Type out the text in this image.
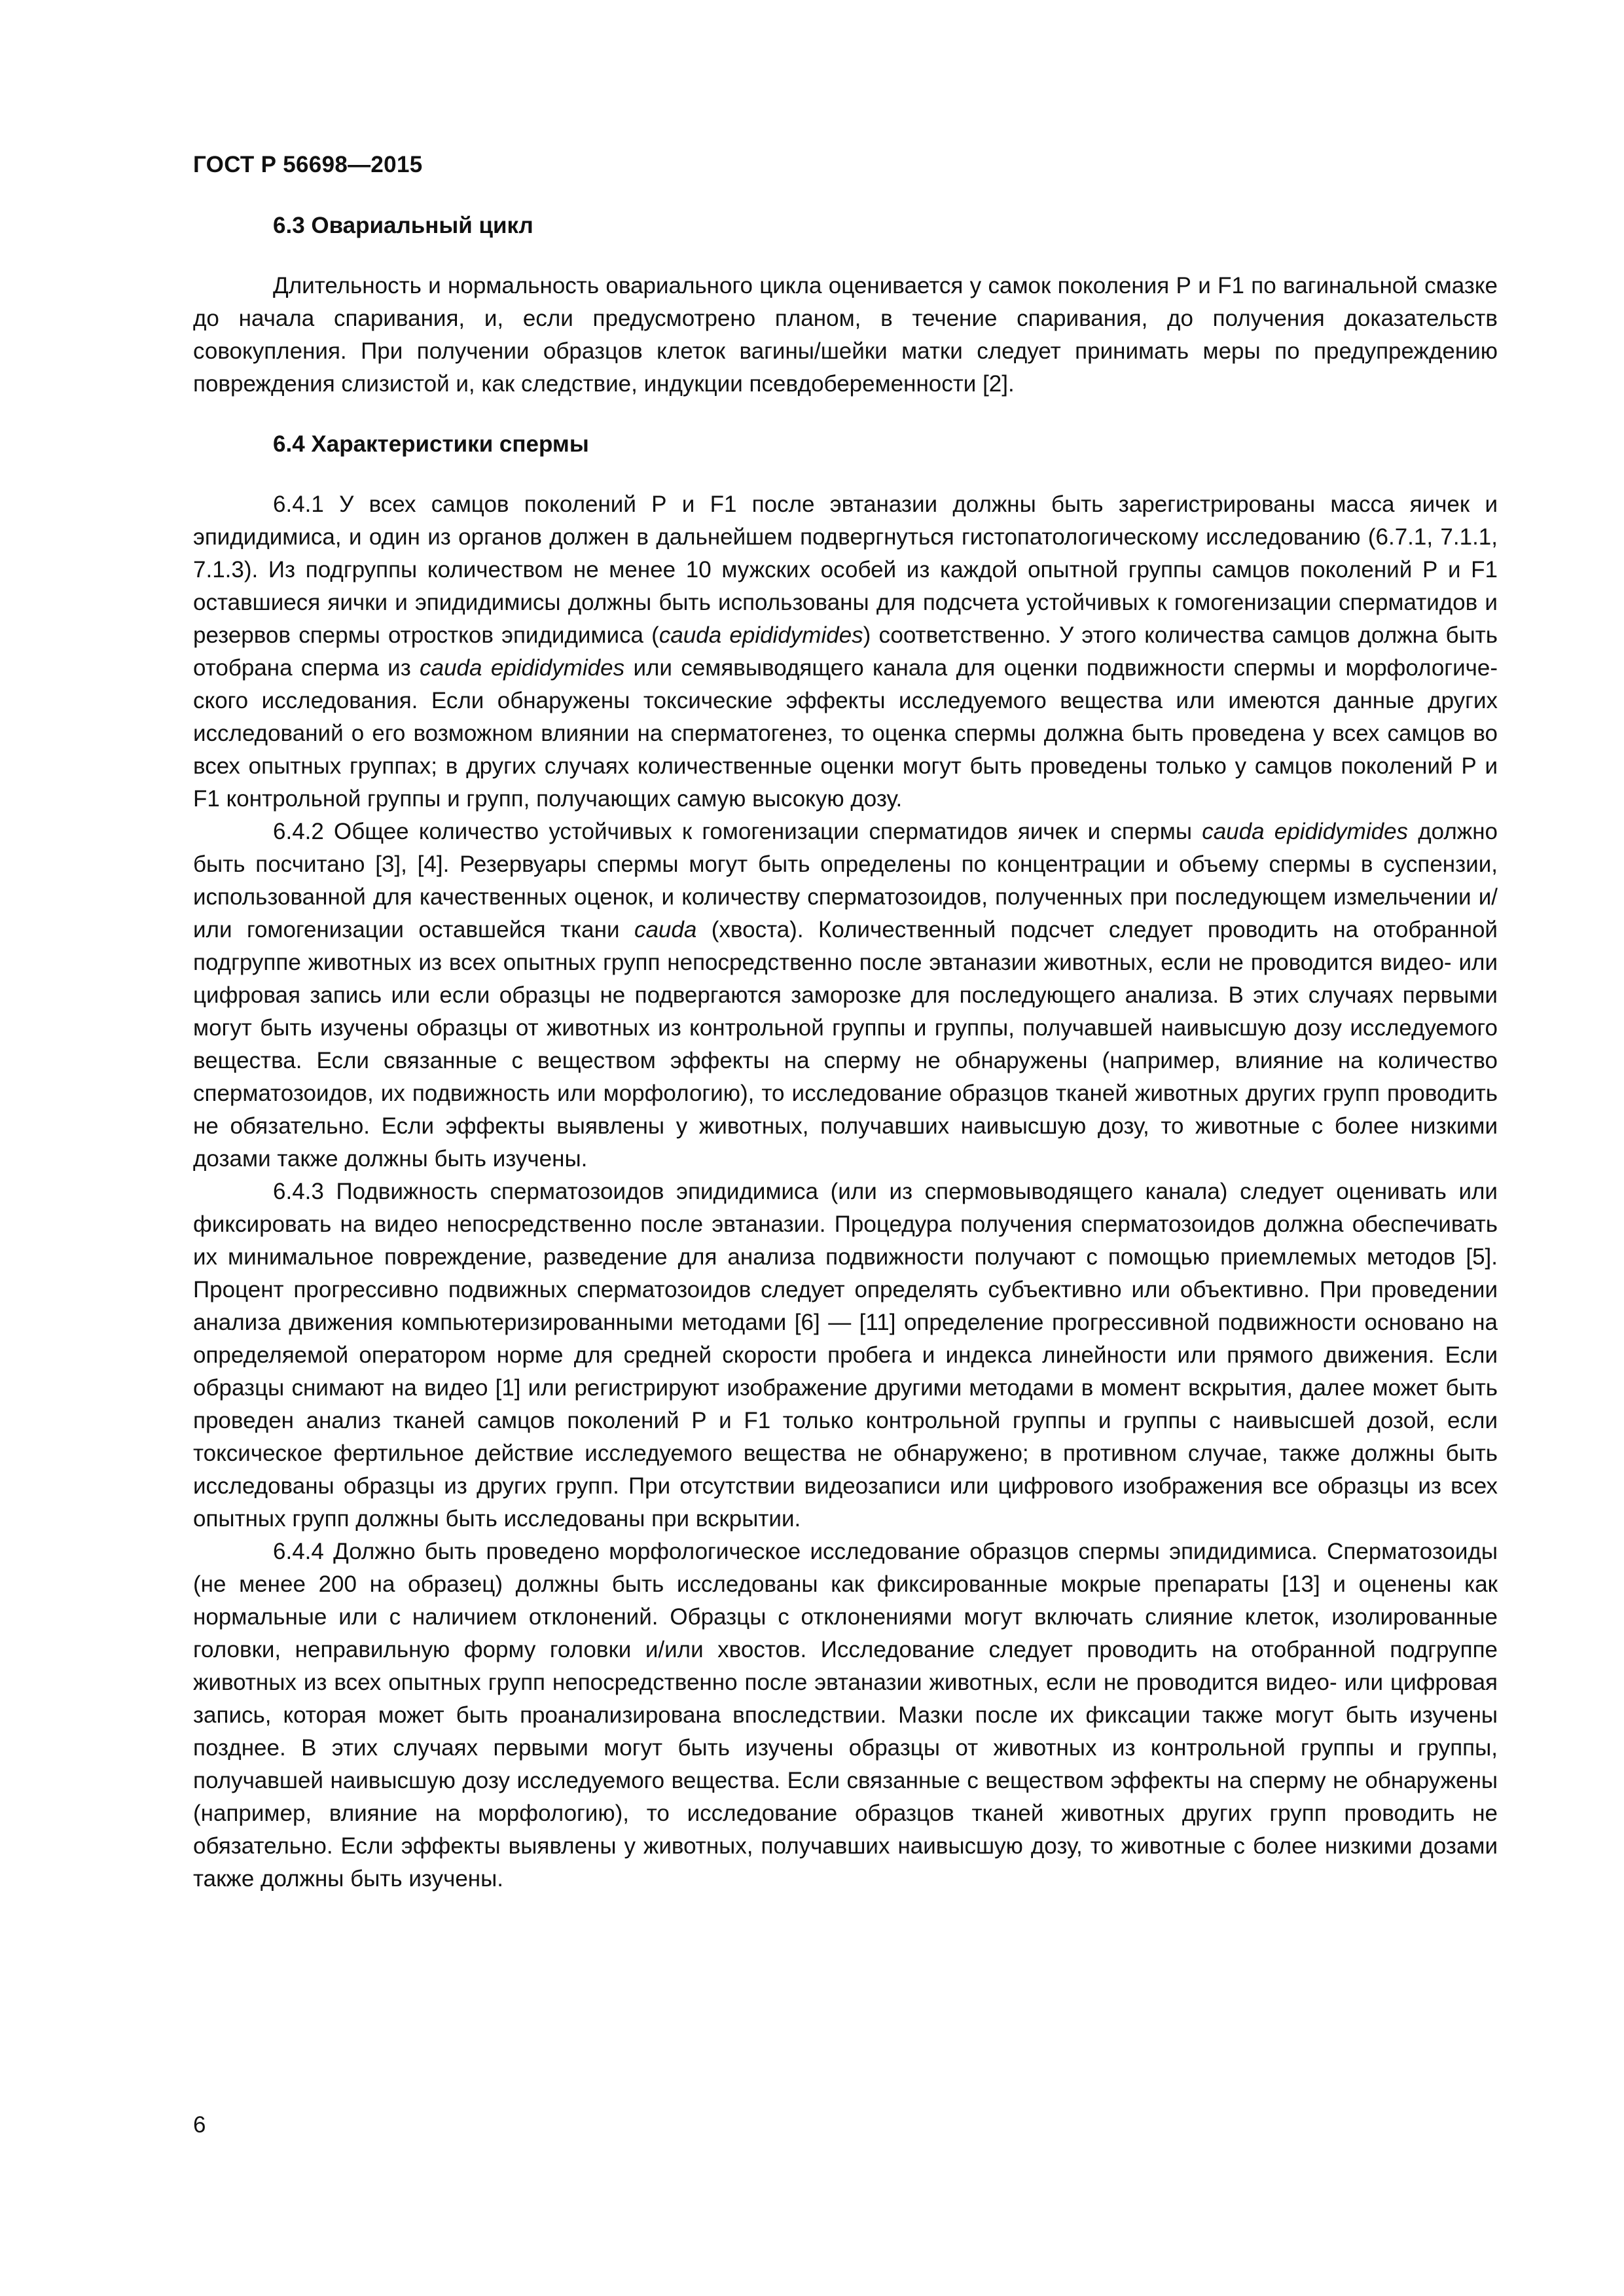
ГОСТ Р 56698—2015
6.3 Овариальный цикл

Длительность и нормальность овариального цикла оценивается у самок поколения Р и F1 по вагинальной смазке до начала спаривания, и, если предусмотрено планом, в течение спаривания, до получения доказательств совокупления. При получении образцов клеток вагины/шейки матки следует принимать меры по предупреждению повреждения слизистой и, как следствие, индукции псевдобеременности [2].

6.4 Характеристики спермы

6.4.1 У всех самцов поколений Р и F1 после эвтаназии должны быть зарегистрированы масса яичек и эпидидимиса, и один из органов должен в дальнейшем подвергнуться гистопатологическому исследованию (6.7.1, 7.1.1, 7.1.3). Из подгруппы количеством не менее 10 мужских особей из каждой опытной группы самцов поколений Р и F1 оставшиеся яички и эпидидимисы должны быть использованы для подсчета устойчивых к гомогенизации сперматидов и резервов спермы отростков эпидидимиса (cauda epididymides) соответственно. У этого количества самцов должна быть отобрана сперма из cauda epididymides или семявыводящего канала для оценки подвижности спермы и морфологического исследования. Если обнаружены токсические эффекты исследуемого вещества или имеются данные других исследований о его возможном влиянии на сперматогенез, то оценка спермы должна быть проведена у всех самцов во всех опытных группах; в других случаях количественные оценки могут быть проведены только у самцов поколений Р и F1 контрольной группы и групп, получающих самую высокую дозу.

6.4.2 Общее количество устойчивых к гомогенизации сперматидов яичек и спермы cauda epididymides должно быть посчитано [3], [4]. Резервуары спермы могут быть определены по концентрации и объему спермы в суспензии, использованной для качественных оценок, и количеству сперматозоидов, полученных при последующем измельчении и/или гомогенизации оставшейся ткани cauda (хвоста). Количественный подсчет следует проводить на отобранной подгруппе животных из всех опытных групп непосредственно после эвтаназии животных, если не проводится видео- или цифровая запись или если образцы не подвергаются заморозке для последующего анализа. В этих случаях первыми могут быть изучены образцы от животных из контрольной группы и группы, получавшей наивысшую дозу исследуемого вещества. Если связанные с веществом эффекты на сперму не обнаружены (например, влияние на количество сперматозоидов, их подвижность или морфологию), то исследование образцов тканей животных других групп проводить не обязательно. Если эффекты выявлены у животных, получавших наивысшую дозу, то животные с более низкими дозами также должны быть изучены.

6.4.3 Подвижность сперматозоидов эпидидимиса (или из спермовыводящего канала) следует оценивать или фиксировать на видео непосредственно после эвтаназии. Процедура получения сперматозоидов должна обеспечивать их минимальное повреждение, разведение для анализа подвижности получают с помощью приемлемых методов [5]. Процент прогрессивно подвижных сперматозоидов следует определять субъективно или объективно. При проведении анализа движения компьютеризированными методами [6] — [11] определение прогрессивной подвижности основано на определяемой оператором норме для средней скорости пробега и индекса линейности или прямого движения. Если образцы снимают на видео [1] или регистрируют изображение другими методами в момент вскрытия, далее может быть проведен анализ тканей самцов поколений Р и F1 только контрольной группы и группы с наивысшей дозой, если токсическое фертильное действие исследуемого вещества не обнаружено; в противном случае, также должны быть исследованы образцы из других групп. При отсутствии видеозаписи или цифрового изображения все образцы из всех опытных групп должны быть исследованы при вскрытии.

6.4.4 Должно быть проведено морфологическое исследование образцов спермы эпидидимиса. Сперматозоиды (не менее 200 на образец) должны быть исследованы как фиксированные мокрые препараты [13] и оценены как нормальные или с наличием отклонений. Образцы с отклонениями могут включать слияние клеток, изолированные головки, неправильную форму головки и/или хвостов. Исследование следует проводить на отобранной подгруппе животных из всех опытных групп непосредственно после эвтаназии животных, если не проводится видео- или цифровая запись, которая может быть проанализирована впоследствии. Мазки после их фиксации также могут быть изучены позднее. В этих случаях первыми могут быть изучены образцы от животных из контрольной группы и группы, получавшей наивысшую дозу исследуемого вещества. Если связанные с веществом эффекты на сперму не обнаружены (например, влияние на морфологию), то исследование образцов тканей животных других групп проводить не обязательно. Если эффекты выявлены у животных, получавших наивысшую дозу, то животные с более низкими дозами также должны быть изучены.

6
